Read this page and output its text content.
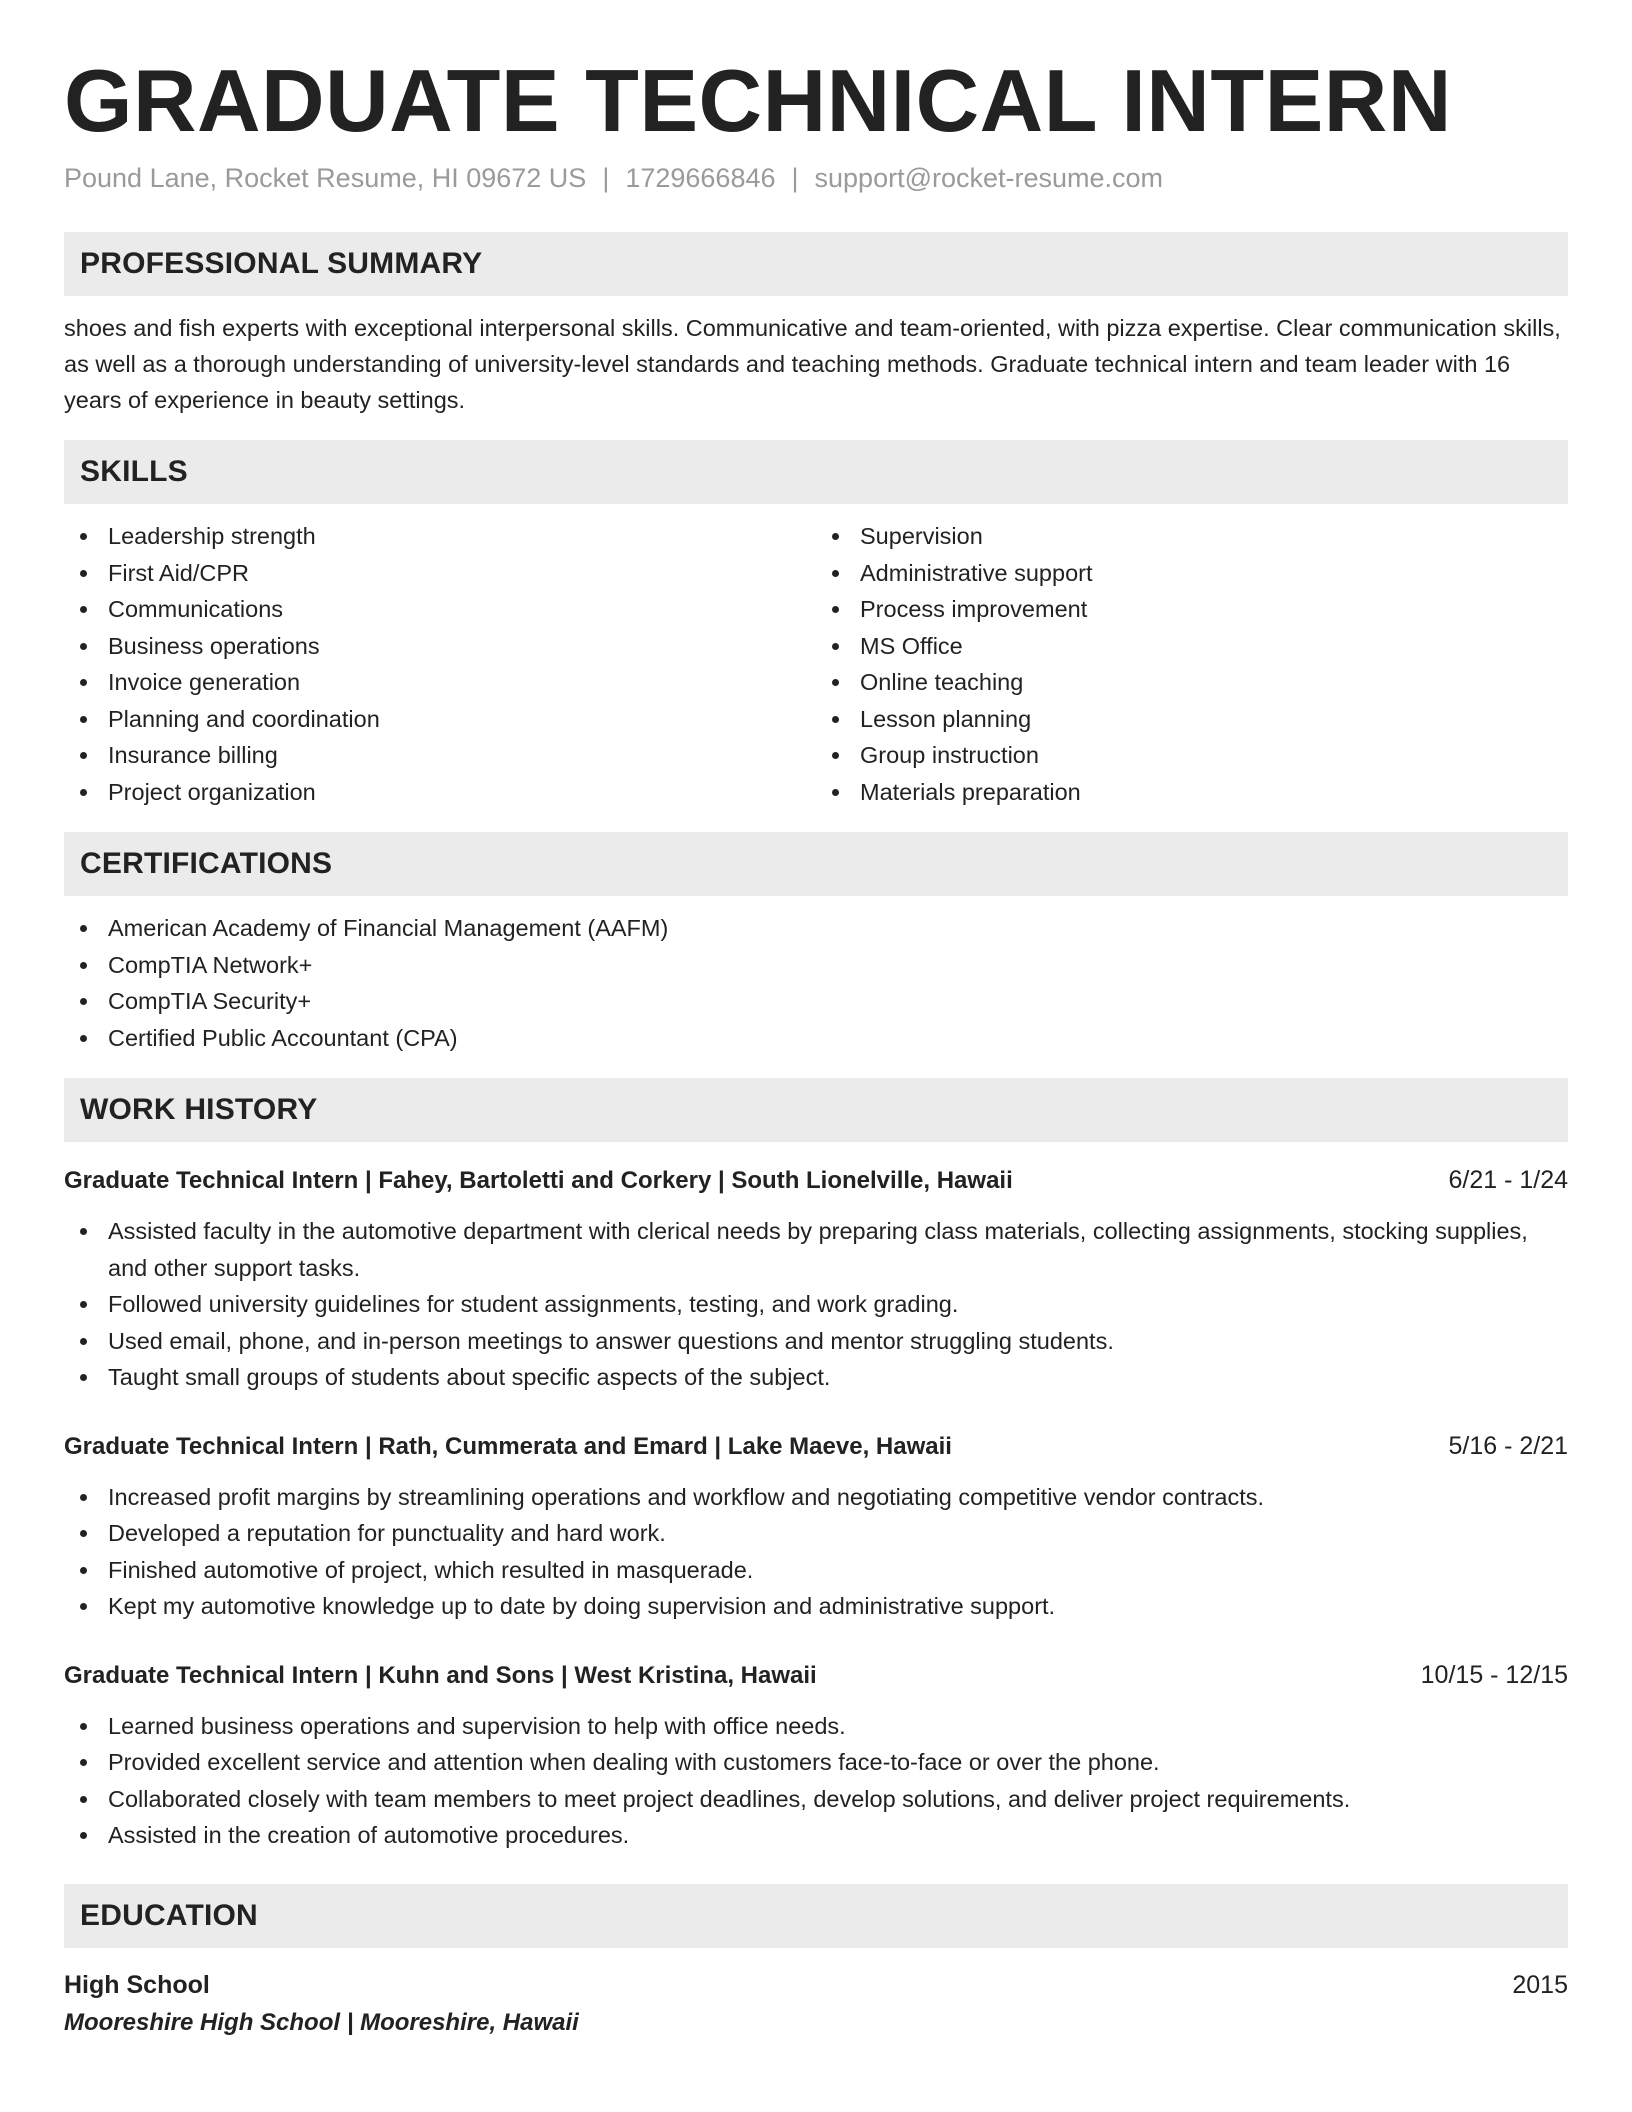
GRADUATE TECHNICAL INTERN
Pound Lane, Rocket Resume, HI 09672 US | 1729666846 | support@rocket-resume.com
PROFESSIONAL SUMMARY

shoes and fish experts with exceptional interpersonal skills. Communicative and team-oriented, with pizza expertise. Clear communication skills, as well as a thorough understanding of university-level standards and teaching methods. Graduate technical intern and team leader with 16 years of experience in beauty settings.

SKILLS
Leadership strength
First Aid/CPR
Communications
Business operations
Invoice generation
Planning and coordination
Insurance billing
Project organization
Supervision
Administrative support
Process improvement
MS Office
Online teaching
Lesson planning
Group instruction
Materials preparation
CERTIFICATIONS
American Academy of Financial Management (AAFM)
CompTIA Network+
CompTIA Security+
Certified Public Accountant (CPA)
WORK HISTORY
Graduate Technical Intern | Fahey, Bartoletti and Corkery | South Lionelville, Hawaii	6/21 - 1/24
Assisted faculty in the automotive department with clerical needs by preparing class materials, collecting assignments, stocking supplies, and other support tasks.
Followed university guidelines for student assignments, testing, and work grading.
Used email, phone, and in-person meetings to answer questions and mentor struggling students.
Taught small groups of students about specific aspects of the subject.
Graduate Technical Intern | Rath, Cummerata and Emard | Lake Maeve, Hawaii	5/16 - 2/21
Increased profit margins by streamlining operations and workflow and negotiating competitive vendor contracts.
Developed a reputation for punctuality and hard work.
Finished automotive of project, which resulted in masquerade.
Kept my automotive knowledge up to date by doing supervision and administrative support.
Graduate Technical Intern | Kuhn and Sons | West Kristina, Hawaii	10/15 - 12/15
Learned business operations and supervision to help with office needs.
Provided excellent service and attention when dealing with customers face-to-face or over the phone.
Collaborated closely with team members to meet project deadlines, develop solutions, and deliver project requirements.
Assisted in the creation of automotive procedures.
EDUCATION
High School	2015
Mooreshire High School | Mooreshire, Hawaii
